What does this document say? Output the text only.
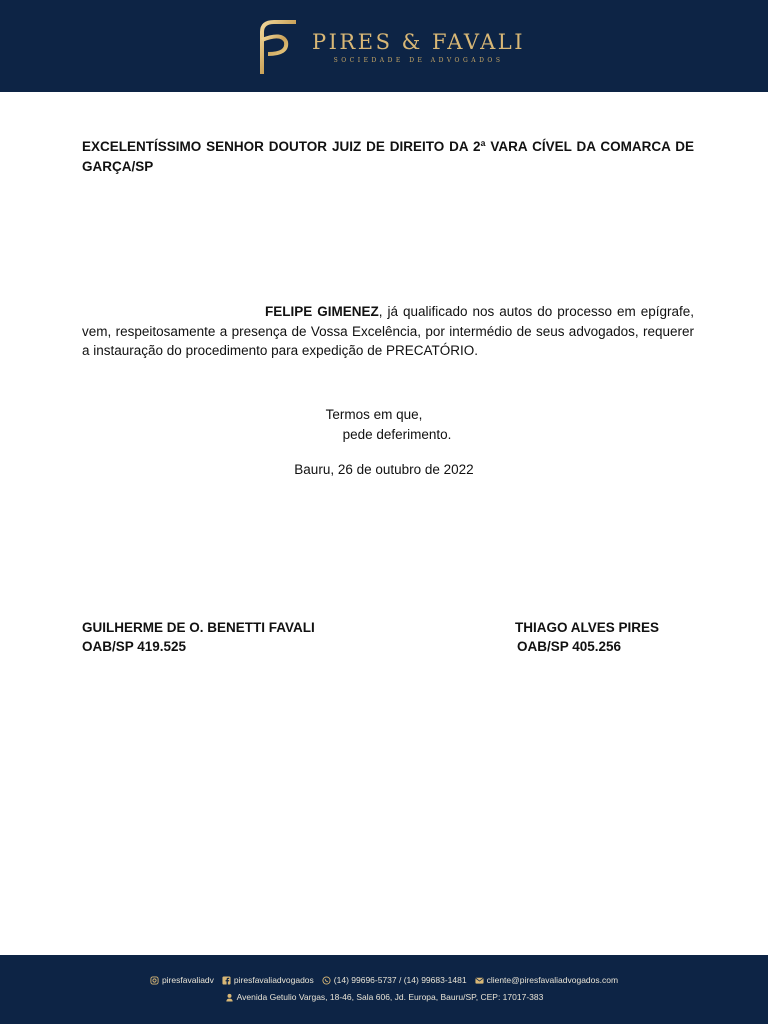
PIRES & FAVALI
SOCIEDADE DE ADVOGADOS
EXCELENTÍSSIMO SENHOR DOUTOR JUIZ DE DIREITO DA 2ª VARA CÍVEL DA COMARCA DE GARÇA/SP
FELIPE GIMENEZ, já qualificado nos autos do processo em epígrafe, vem, respeitosamente a presença de Vossa Excelência, por intermédio de seus advogados, requerer a instauração do procedimento para expedição de PRECATÓRIO.
Termos em que,
pede deferimento.
Bauru, 26 de outubro de 2022
GUILHERME DE O. BENETTI FAVALI
OAB/SP 419.525
THIAGO ALVES PIRES
OAB/SP 405.256
piresfavaliadv piresfavaliadvogados (14) 99696-5737 / (14) 99683-1481 cliente@piresfavaliadvogados.com
Avenida Getulio Vargas, 18-46, Sala 606, Jd. Europa, Bauru/SP, CEP: 17017-383
